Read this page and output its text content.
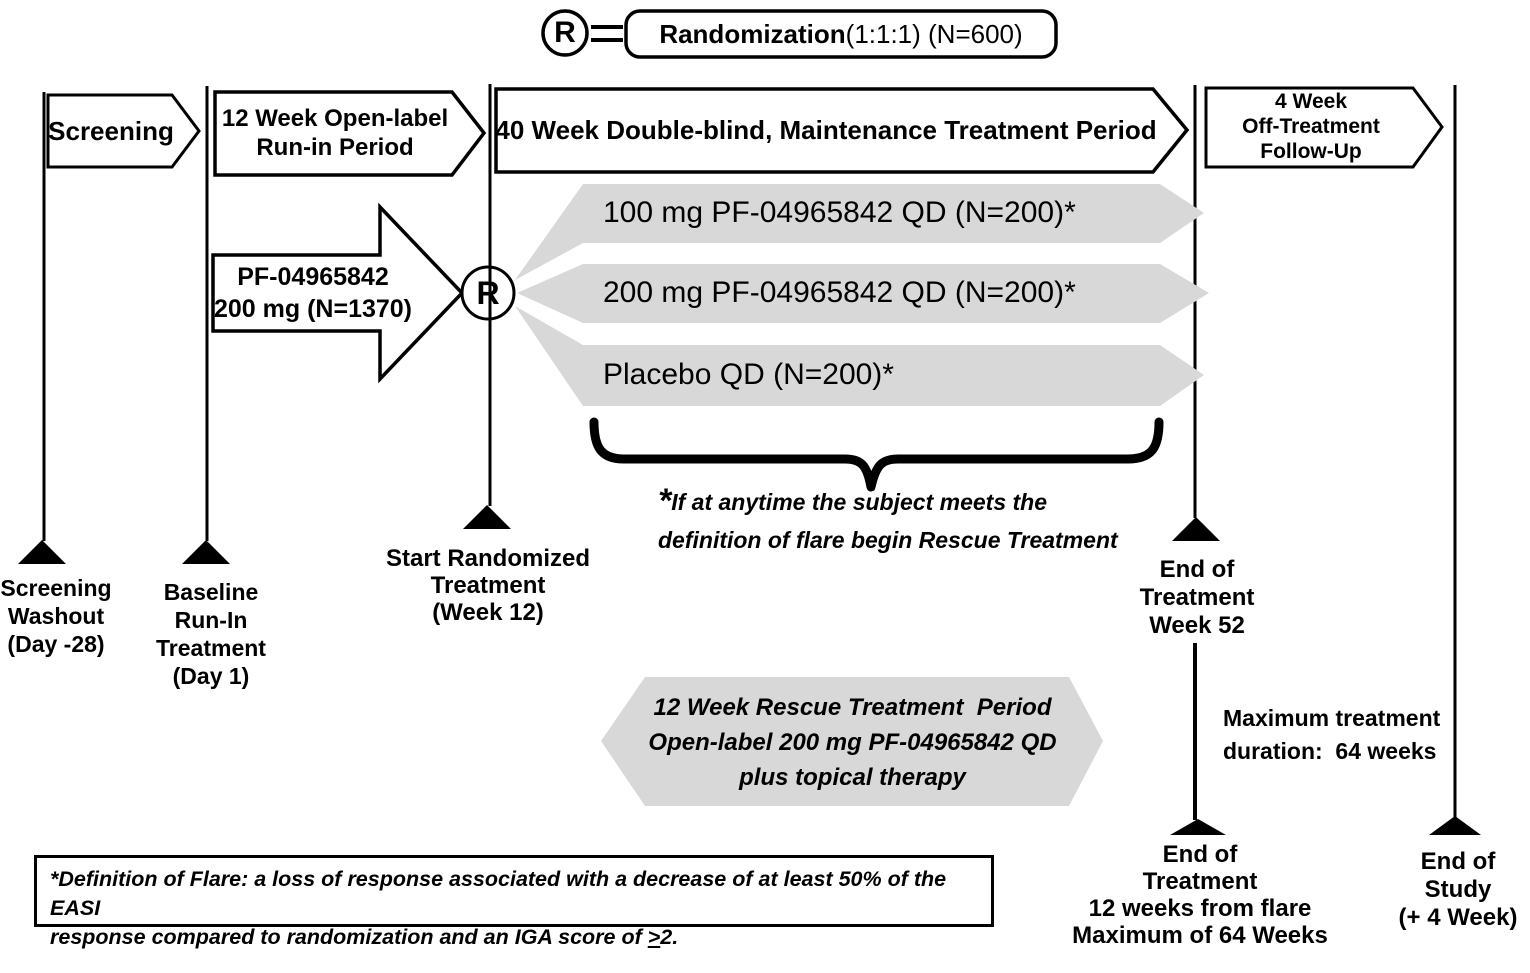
R	Randomization (1:1:1) (N=600)
Screening 12 Week Open-label
Run-in Period
40 Week Double-blind, Maintenance Treatment Period
4 Week
Off-Treatment
Follow-Up
PF-04965842
200 mg (N=1370) R
100 mg PF-04965842 QD (N=200)*
200 mg PF-04965842 QD (N=200)*
Placebo QD (N=200)*
*If at anytime the subject meets the
definition of flare begin Rescue Treatment
12 Week Rescue Treatment  Period
Open-label 200 mg PF-04965842 QD
plus topical therapy
Maximum treatment
duration:  64 weeks
Screening
Washout
(Day -28)
Baseline
Run-In
Treatment
(Day 1)
Start Randomized
Treatment
(Week 12)
End of
Treatment
Week 52
End of
Treatment
12 weeks from flare
Maximum of 64 Weeks
End of
Study
(+ 4 Week)
*Definition of Flare: a loss of response associated with a decrease of at least 50% of the EASI
response compared to randomization and an IGA score of ≥2.
